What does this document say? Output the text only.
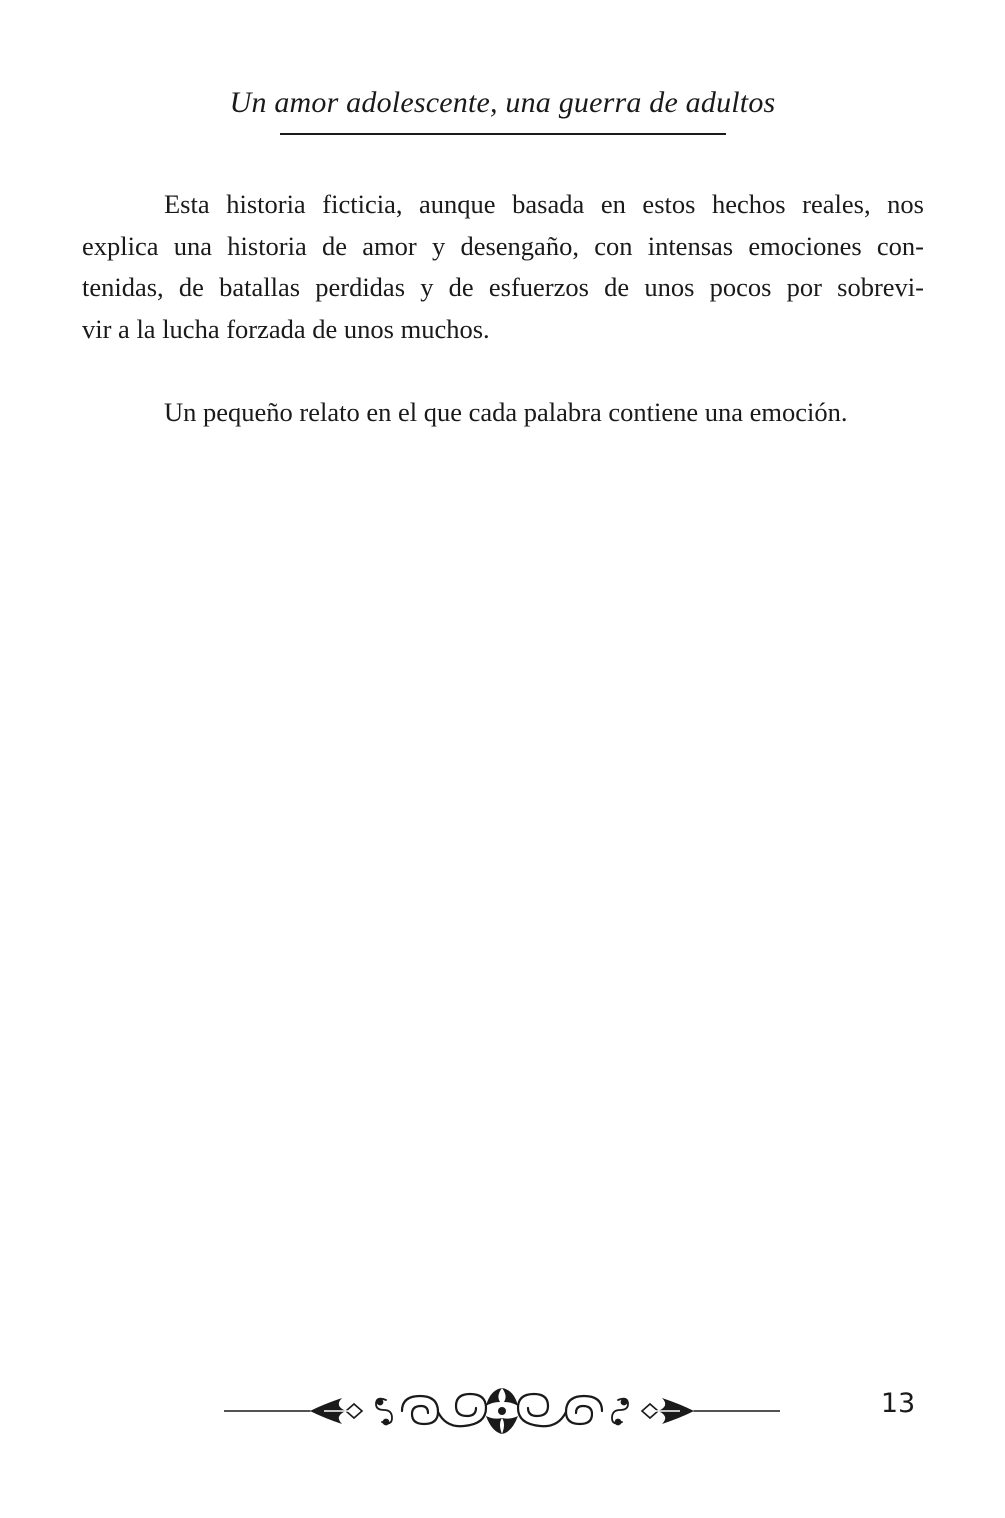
Un amor adolescente, una guerra de adultos

Esta historia ficticia, aunque basada en estos hechos reales, nos
explica una historia de amor y desengaño, con intensas emociones con-
tenidas, de batallas perdidas y de esfuerzos de unos pocos por sobrevi-
vir a la lucha forzada de unos muchos.

Un pequeño relato en el que cada palabra contiene una emoción.

13
